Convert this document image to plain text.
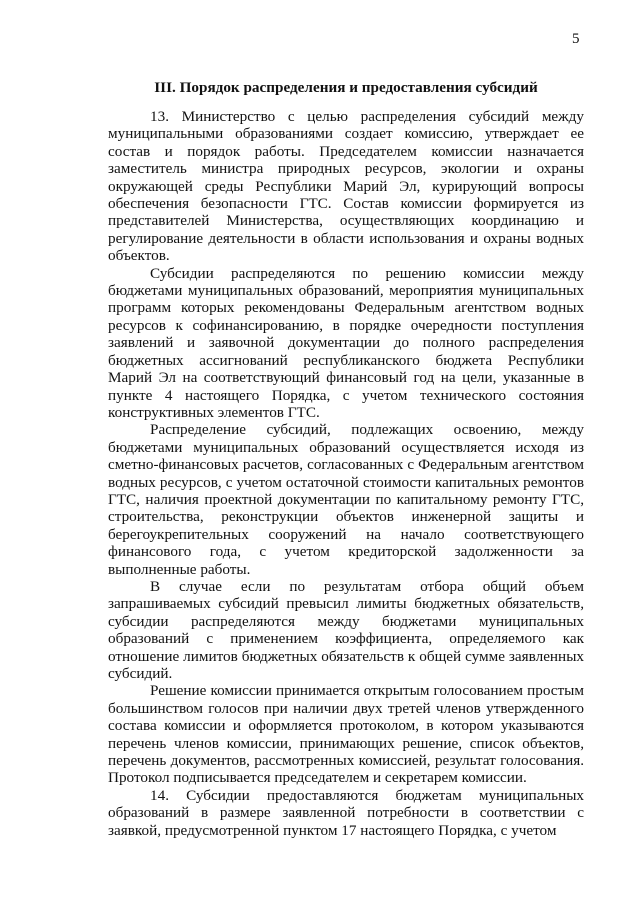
5
III. Порядок распределения и предоставления субсидий

13. Министерство с целью распределения субсидий между муниципальными образованиями создает комиссию, утверждает ее состав и порядок работы. Председателем комиссии назначается заместитель министра природных ресурсов, экологии и охраны окружающей среды Республики Марий Эл, курирующий вопросы обеспечения безопасности ГТС. Состав комиссии формируется из представителей Министерства, осуществляющих координацию и регулирование деятельности в области использования и охраны водных объектов.

Субсидии распределяются по решению комиссии между бюджетами муниципальных образований, мероприятия муниципальных программ которых рекомендованы Федеральным агентством водных ресурсов к софинансированию, в порядке очередности поступления заявлений и заявочной документации до полного распределения бюджетных ассигнований республиканского бюджета Республики Марий Эл на соответствующий финансовый год на цели, указанные в пункте 4 настоящего Порядка, с учетом технического состояния конструктивных элементов ГТС.

Распределение субсидий, подлежащих освоению, между бюджетами муниципальных образований осуществляется исходя из сметно-финансовых расчетов, согласованных с Федеральным агентством водных ресурсов, с учетом остаточной стоимости капитальных ремонтов ГТС, наличия проектной документации по капитальному ремонту ГТС, строительства, реконструкции объектов инженерной защиты и берегоукрепительных сооружений на начало соответствующего финансового года, с учетом кредиторской задолженности за выполненные работы.

В случае если по результатам отбора общий объем запрашиваемых субсидий превысил лимиты бюджетных обязательств, субсидии распределяются между бюджетами муниципальных образований с применением коэффициента, определяемого как отношение лимитов бюджетных обязательств к общей сумме заявленных субсидий.

Решение комиссии принимается открытым голосованием простым большинством голосов при наличии двух третей членов утвержденного состава комиссии и оформляется протоколом, в котором указываются перечень членов комиссии, принимающих решение, список объектов, перечень документов, рассмотренных комиссией, результат голосования. Протокол подписывается председателем и секретарем комиссии.

14. Субсидии предоставляются бюджетам муниципальных образований в размере заявленной потребности в соответствии с заявкой, предусмотренной пунктом 17 настоящего Порядка, с учетом
